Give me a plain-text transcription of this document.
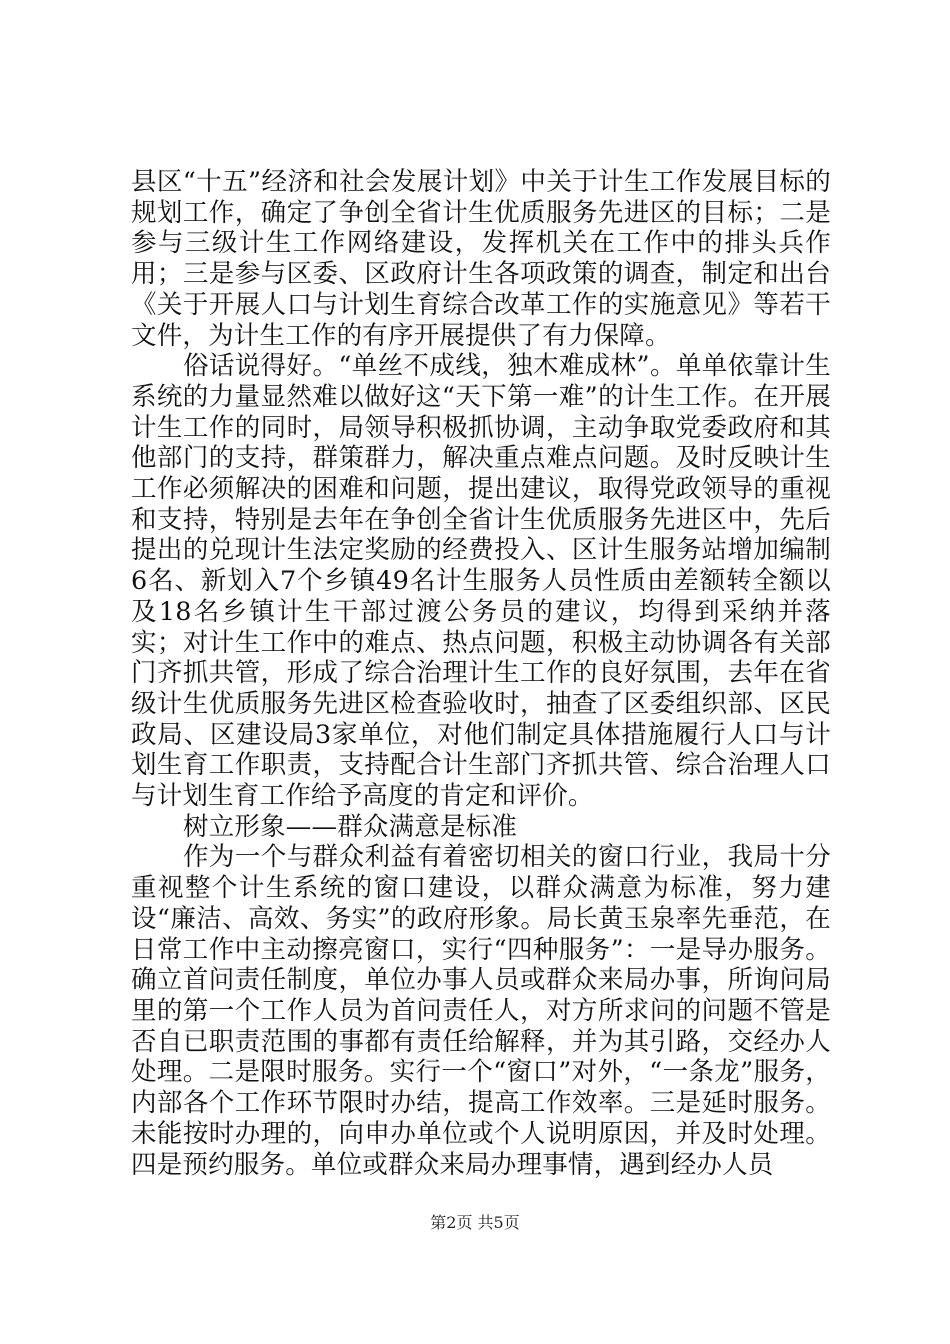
县区“十五”经济和社会发展计划》中关于计生工作发展目标的规划工作，确定了争创全省计生优质服务先进区的目标；二是参与三级计生工作网络建设，发挥机关在工作中的排头兵作用；三是参与区委、区政府计生各项政策的调查，制定和出台《关于开展人口与计划生育综合改革工作的实施意见》等若干文件，为计生工作的有序开展提供了有力保障。

俗话说得好。“单丝不成线，独木难成林”。单单依靠计生系统的力量显然难以做好这“天下第一难”的计生工作。在开展计生工作的同时，局领导积极抓协调，主动争取党委政府和其他部门的支持，群策群力，解决重点难点问题。及时反映计生工作必须解决的困难和问题，提出建议，取得党政领导的重视和支持，特别是去年在争创全省计生优质服务先进区中，先后提出的兑现计生法定奖励的经费投入、区计生服务站增加编制6名、新划入7个乡镇49名计生服务人员性质由差额转全额以及18名乡镇计生干部过渡公务员的建议，均得到采纳并落实；对计生工作中的难点、热点问题，积极主动协调各有关部门齐抓共管，形成了综合治理计生工作的良好氛围，去年在省级计生优质服务先进区检查验收时，抽查了区委组织部、区民政局、区建设局3家单位，对他们制定具体措施履行人口与计划生育工作职责，支持配合计生部门齐抓共管、综合治理人口与计划生育工作给予高度的肯定和评价。

树立形象——群众满意是标准

作为一个与群众利益有着密切相关的窗口行业，我局十分重视整个计生系统的窗口建设，以群众满意为标准，努力建设“廉洁、高效、务实”的政府形象。局长黄玉泉率先垂范，在日常工作中主动擦亮窗口，实行“四种服务”：一是导办服务。确立首问责任制度，单位办事人员或群众来局办事，所询问局里的第一个工作人员为首问责任人，对方所求问的问题不管是否自已职责范围的事都有责任给解释，并为其引路，交经办人处理。二是限时服务。实行一个“窗口”对外，“一条龙”服务，内部各个工作环节限时办结，提高工作效率。三是延时服务。未能按时办理的，向申办单位或个人说明原因，并及时处理。四是预约服务。单位或群众来局办理事情，遇到经办人员

第2页 共5页
